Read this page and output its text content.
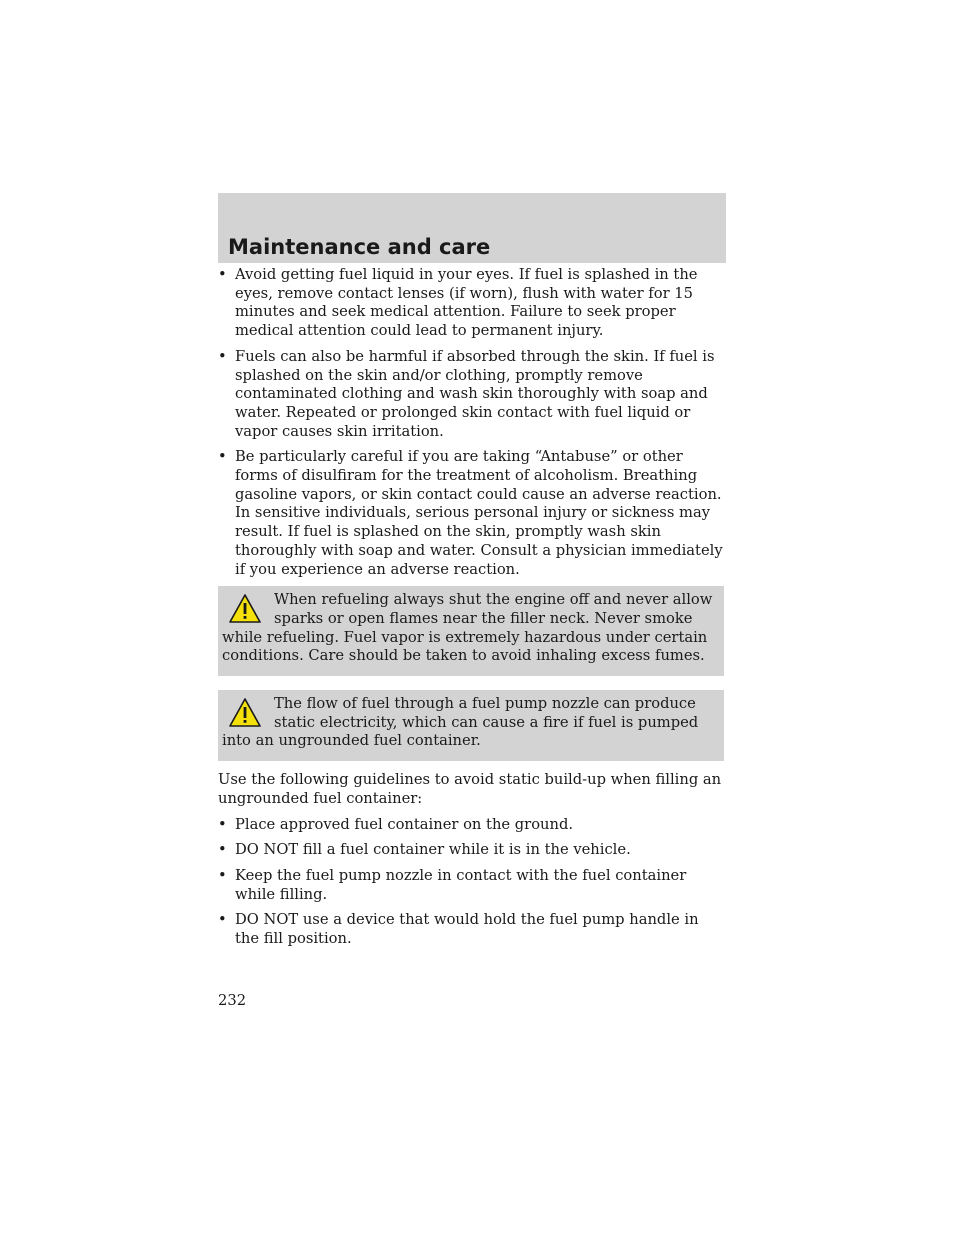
Maintenance and care
• Avoid getting fuel liquid in your eyes. If fuel is splashed in the eyes, remove contact lenses (if worn), flush with water for 15 minutes and seek medical attention. Failure to seek proper medical attention could lead to permanent injury.
• Fuels can also be harmful if absorbed through the skin. If fuel is splashed on the skin and/or clothing, promptly remove contaminated clothing and wash skin thoroughly with soap and water. Repeated or prolonged skin contact with fuel liquid or vapor causes skin irritation.
• Be particularly careful if you are taking “Antabuse” or other forms of disulfiram for the treatment of alcoholism. Breathing gasoline vapors, or skin contact could cause an adverse reaction. In sensitive individuals, serious personal injury or sickness may result. If fuel is splashed on the skin, promptly wash skin thoroughly with soap and water. Consult a physician immediately if you experience an adverse reaction.

When refueling always shut the engine off and never allow sparks or open flames near the filler neck. Never smoke while refueling. Fuel vapor is extremely hazardous under certain conditions. Care should be taken to avoid inhaling excess fumes.

The flow of fuel through a fuel pump nozzle can produce static electricity, which can cause a fire if fuel is pumped into an ungrounded fuel container.

Use the following guidelines to avoid static build-up when filling an ungrounded fuel container:

• Place approved fuel container on the ground.
• DO NOT fill a fuel container while it is in the vehicle.
• Keep the fuel pump nozzle in contact with the fuel container while filling.
• DO NOT use a device that would hold the fuel pump handle in the fill position.
232
